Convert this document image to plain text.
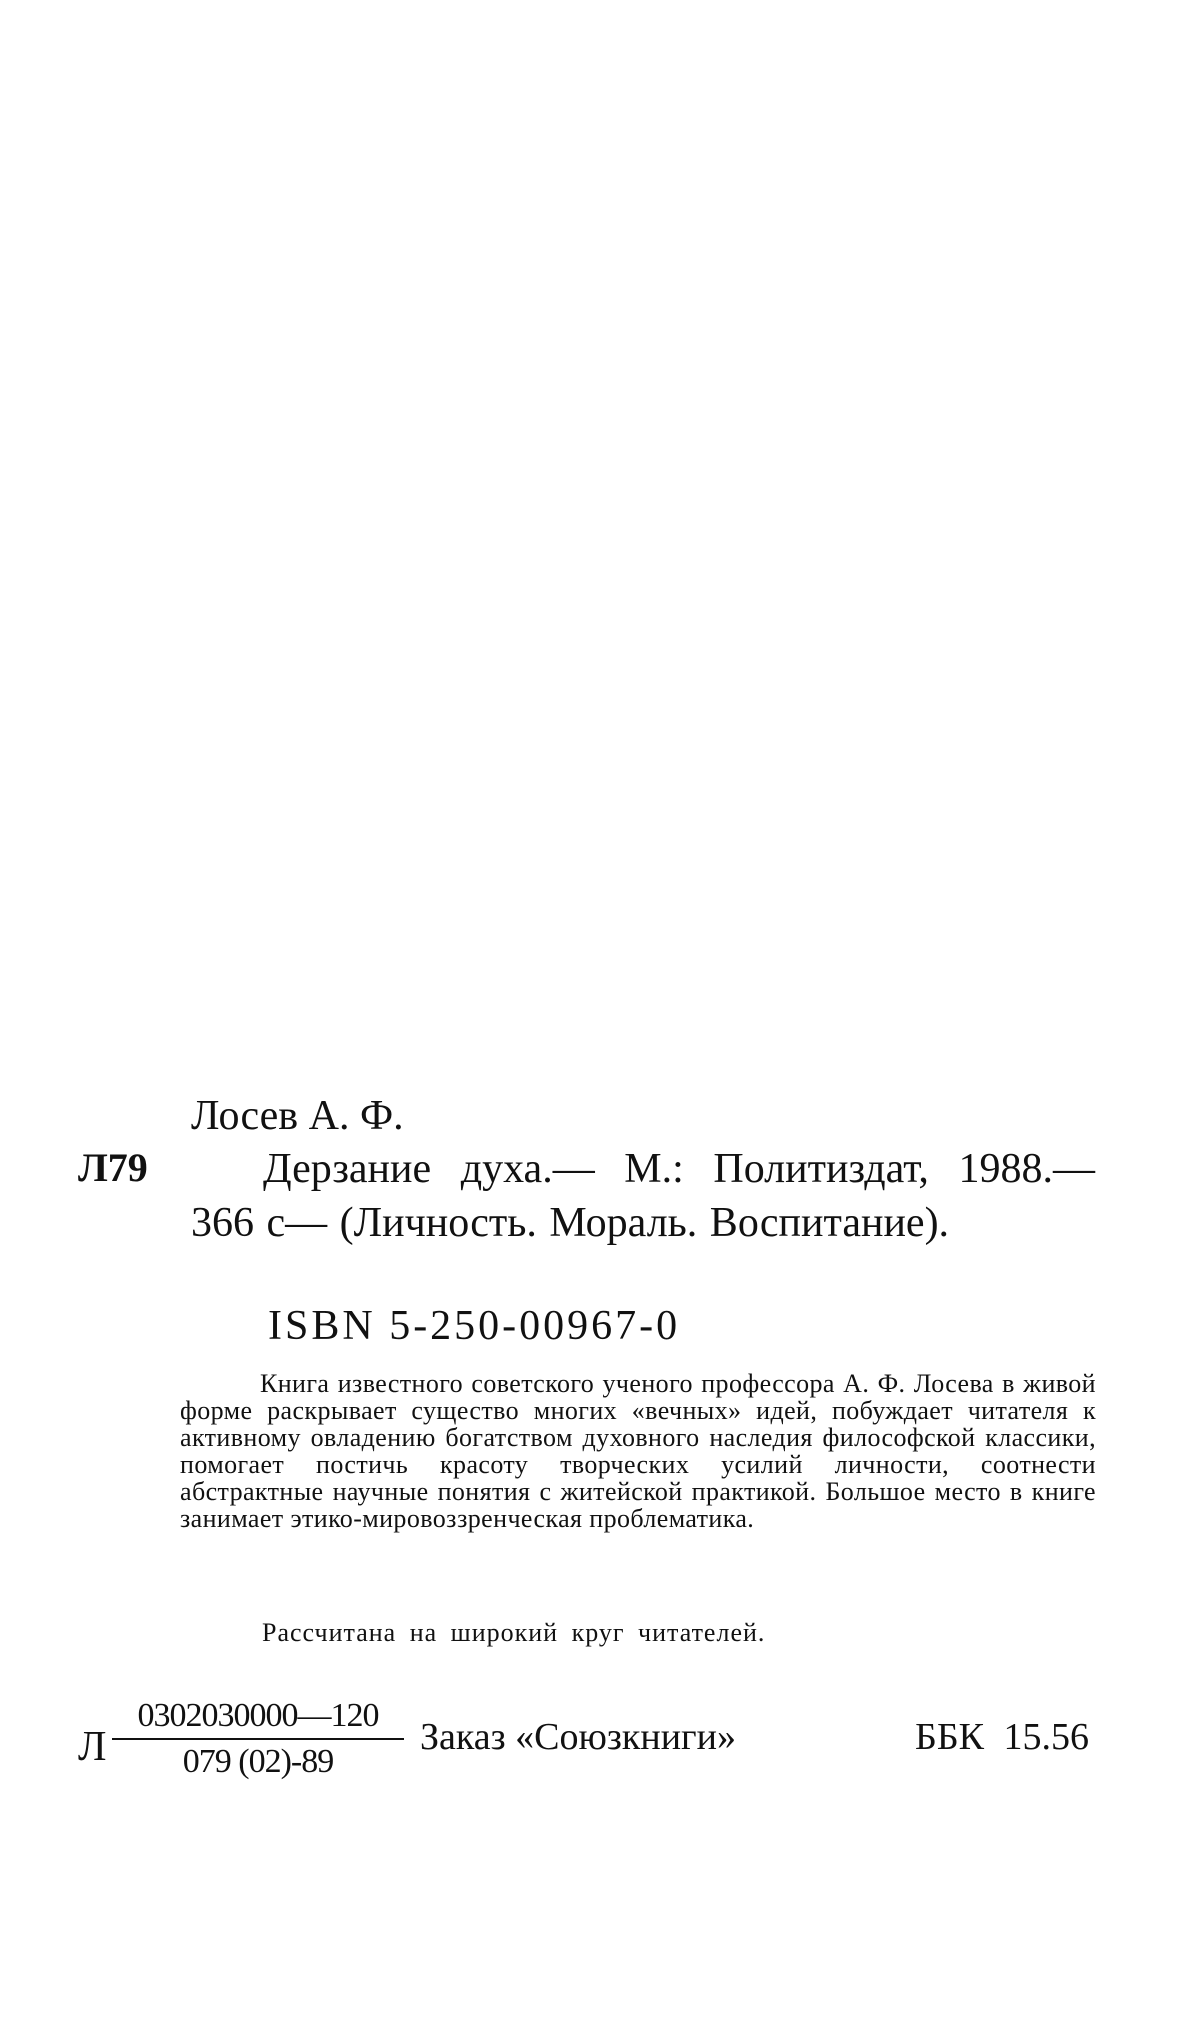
Лосев А. Ф.
Л79	Дерзание духа.— М.: Политиздат, 1988.— 366 с— (Личность. Мораль. Воспитание).
ISBN 5-250-00967-0
Книга известного советского ученого профессора А. Ф. Лосева в живой форме раскрывает существо многих «вечных» идей, побуждает читателя к активному овладению богатством духовного наследия философской классики, помогает постичь красоту творческих усилий личности, соотнести абстрактные научные понятия с житейской практикой. Большое место в книге занимает этико-мировоззренческая проблематика.
Рассчитана на широкий круг читателей.
Л $\frac{0302030000—120}{079 (02)-89}$ Заказ «Союзкниги»	ББК 15.56
